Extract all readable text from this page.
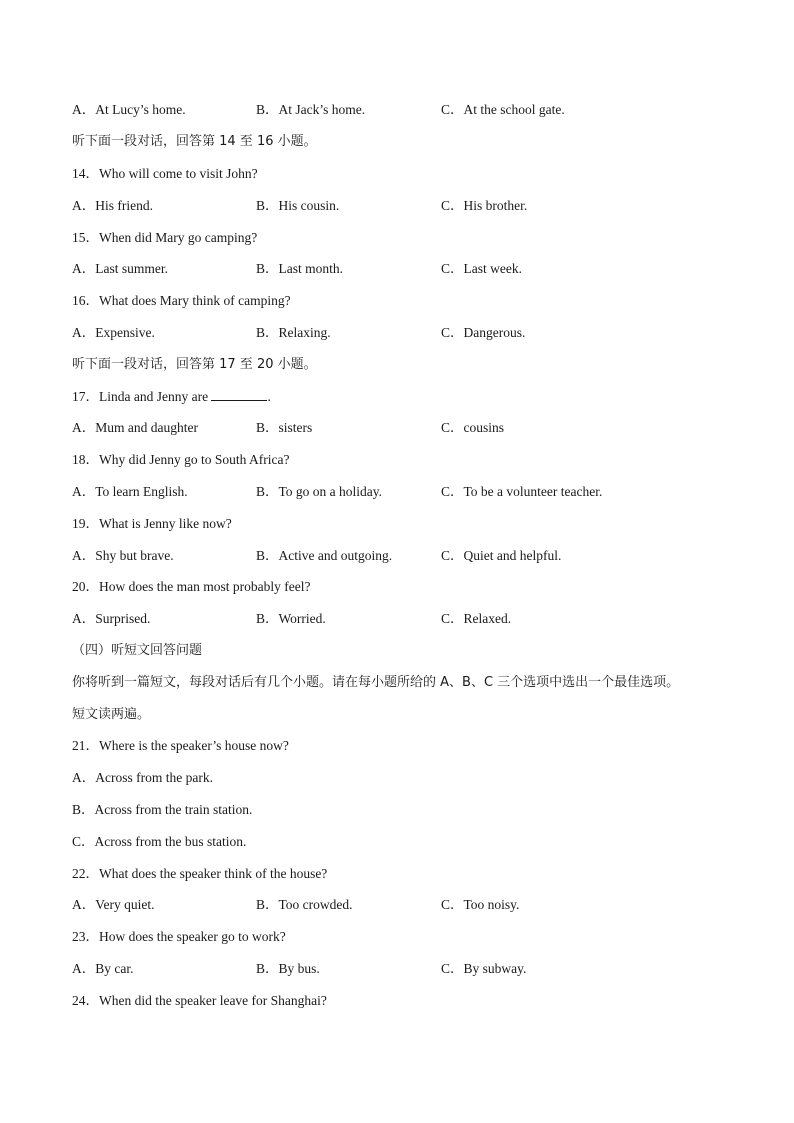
A．At Lucy’s home.	B．At Jack’s home.	C．At the school gate.
听下面一段对话，回答第 14 至 16 小题。
14．Who will come to visit John?
A．His friend.	B．His cousin.	C．His brother.
15．When did Mary go camping?
A．Last summer.	B．Last month.	C．Last week.
16．What does Mary think of camping?
A．Expensive.	B．Relaxing.	C．Dangerous.
听下面一段对话，回答第 17 至 20 小题。
17．Linda and Jenny are	.
A．Mum and daughter	B．sisters	C．cousins
18．Why did Jenny go to South Africa?
A．To learn English.	B．To go on a holiday.	C．To be a volunteer teacher.
19．What is Jenny like now?
A．Shy but brave.	B．Active and outgoing.	C．Quiet and helpful.
20．How does the man most probably feel?
A．Surprised.	B．Worried.	C．Relaxed.
（四）听短文回答问题
你将听到一篇短文，每段对话后有几个小题。请在每小题所给的 A、B、C 三个选项中选出一个最佳选项。
短文读两遍。
21．Where is the speaker’s house now?
A．Across from the park.
B．Across from the train station.
C．Across from the bus station.
22．What does the speaker think of the house?
A．Very quiet.	B．Too crowded.	C．Too noisy.
23．How does the speaker go to work?
A．By car.	B．By bus.	C．By subway.
24．When did the speaker leave for Shanghai?
